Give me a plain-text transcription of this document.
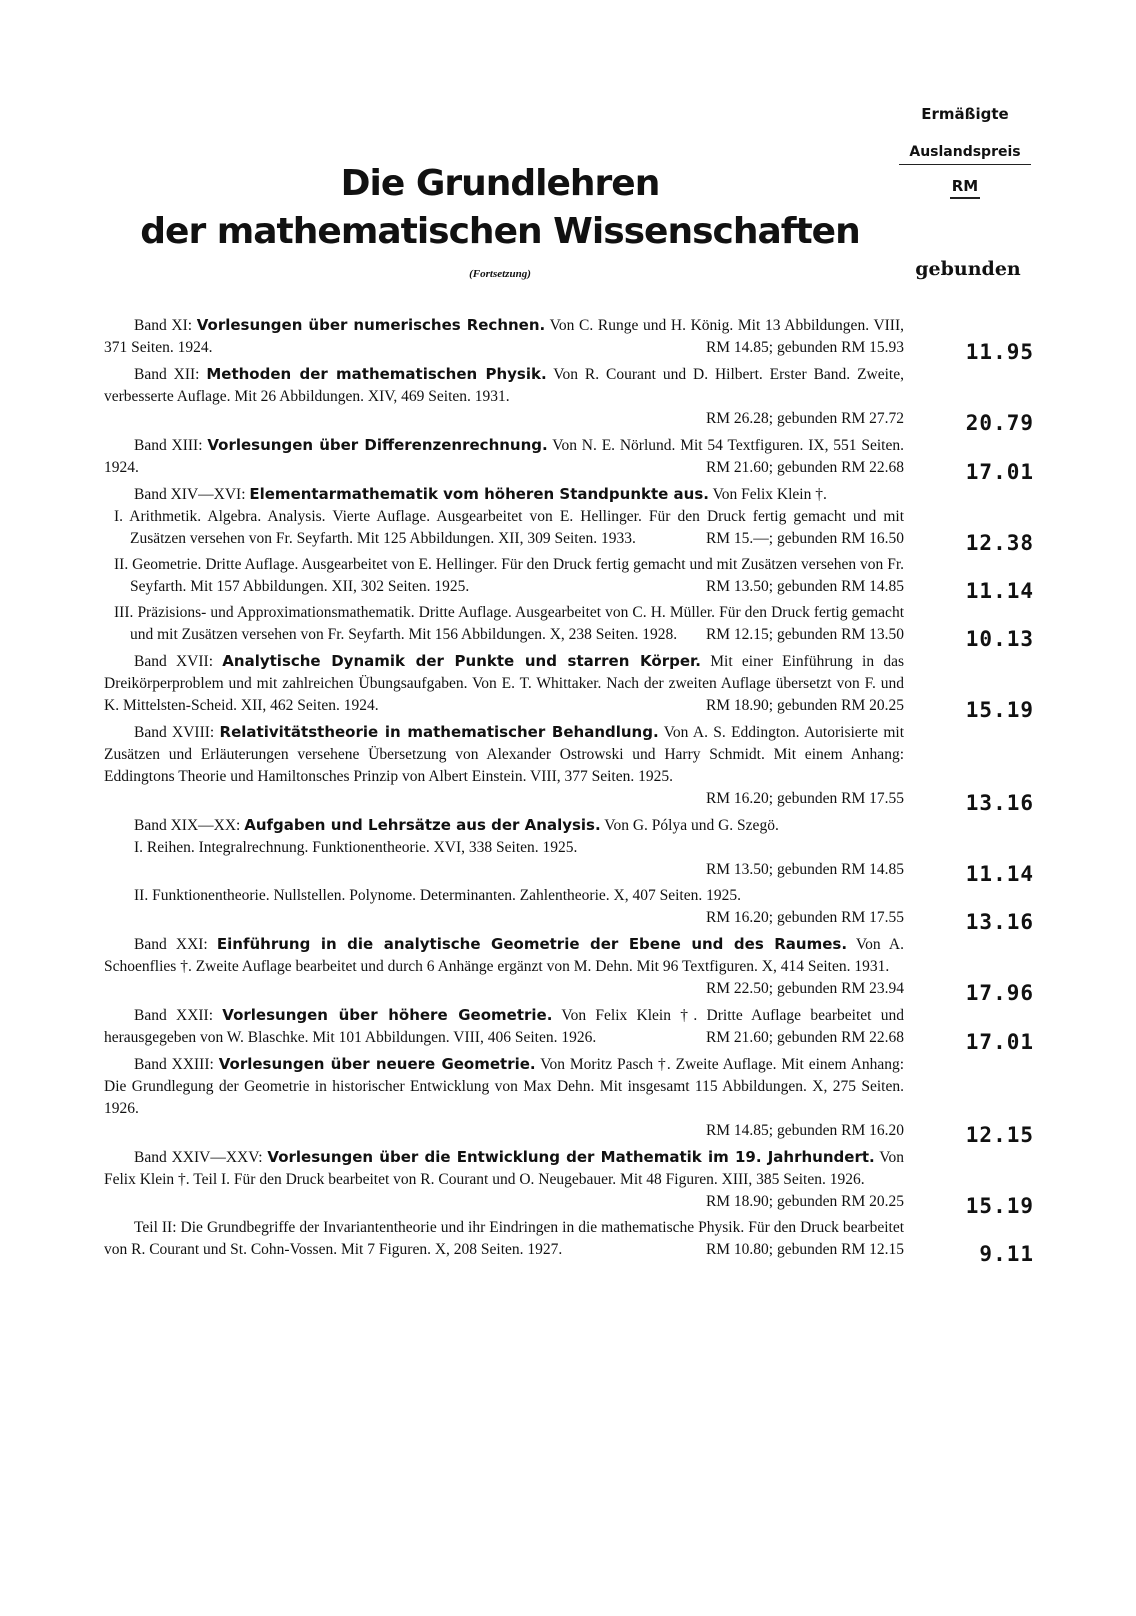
Ermäßigte
Auslandspreis
RM
gebunden
Die Grundlehren
der mathematischen Wissenschaften
(Fortsetzung)
Band XI: Vorlesungen über numerisches Rechnen. Von C. Runge und H. König. Mit 13 Abbildungen. VIII, 371 Seiten. 1924.	RM 14.85; gebunden RM 15.93	11.95
Band XII: Methoden der mathematischen Physik. Von R. Courant und D. Hilbert. Erster Band. Zweite, verbesserte Auflage. Mit 26 Abbildungen. XIV, 469 Seiten. 1931.
RM 26.28; gebunden RM 27.72	20.79
Band XIII: Vorlesungen über Differenzenrechnung. Von N. E. Nörlund. Mit 54 Textfiguren. IX, 551 Seiten. 1924.	RM 21.60; gebunden RM 22.68	17.01
Band XIV—XVI: Elementarmathematik vom höheren Standpunkte aus. Von Felix Klein †.
I. Arithmetik. Algebra. Analysis. Vierte Auflage. Ausgearbeitet von E. Hellinger. Für den Druck fertig gemacht und mit Zusätzen versehen von Fr. Seyfarth. Mit 125 Abbildungen. XII, 309 Seiten. 1933.	RM 15.—; gebunden RM 16.50	12.38
II. Geometrie. Dritte Auflage. Ausgearbeitet von E. Hellinger. Für den Druck fertig gemacht und mit Zusätzen versehen von Fr. Seyfarth. Mit 157 Abbildungen. XII, 302 Seiten. 1925.	RM 13.50; gebunden RM 14.85	11.14
III. Präzisions- und Approximationsmathematik. Dritte Auflage. Ausgearbeitet von C. H. Müller. Für den Druck fertig gemacht und mit Zusätzen versehen von Fr. Seyfarth. Mit 156 Abbildungen. X, 238 Seiten. 1928. RM 12.15; gebunden RM 13.50	10.13
Band XVII: Analytische Dynamik der Punkte und starren Körper. Mit einer Einführung in das Dreikörperproblem und mit zahlreichen Übungsaufgaben. Von E. T. Whittaker. Nach der zweiten Auflage übersetzt von F. und K. Mittelsten-Scheid. XII, 462 Seiten. 1924.	RM 18.90; gebunden RM 20.25	15.19
Band XVIII: Relativitätstheorie in mathematischer Behandlung. Von A. S. Eddington. Autorisierte mit Zusätzen und Erläuterungen versehene Übersetzung von Alexander Ostrowski und Harry Schmidt. Mit einem Anhang: Eddingtons Theorie und Hamiltonsches Prinzip von Albert Einstein. VIII, 377 Seiten. 1925.
RM 16.20; gebunden RM 17.55	13.16
Band XIX—XX: Aufgaben und Lehrsätze aus der Analysis. Von G. Pólya und G. Szegö.
I. Reihen. Integralrechnung. Funktionentheorie. XVI, 338 Seiten. 1925.
RM 13.50; gebunden RM 14.85	11.14
II. Funktionentheorie. Nullstellen. Polynome. Determinanten. Zahlentheorie. X, 407 Seiten. 1925.
RM 16.20; gebunden RM 17.55	13.16
Band XXI: Einführung in die analytische Geometrie der Ebene und des Raumes. Von A. Schoenflies †. Zweite Auflage bearbeitet und durch 6 Anhänge ergänzt von M. Dehn. Mit 96 Textfiguren. X, 414 Seiten. 1931.
RM 22.50; gebunden RM 23.94	17.96
Band XXII: Vorlesungen über höhere Geometrie. Von Felix Klein †. Dritte Auflage bearbeitet und herausgegeben von W. Blaschke. Mit 101 Abbildungen. VIII, 406 Seiten. 1926.	RM 21.60; gebunden RM 22.68	17.01
Band XXIII: Vorlesungen über neuere Geometrie. Von Moritz Pasch †. Zweite Auflage. Mit einem Anhang: Die Grundlegung der Geometrie in historischer Entwicklung von Max Dehn. Mit insgesamt 115 Abbildungen. X, 275 Seiten. 1926.
RM 14.85; gebunden RM 16.20	12.15
Band XXIV—XXV: Vorlesungen über die Entwicklung der Mathematik im 19. Jahrhundert. Von Felix Klein †. Teil I. Für den Druck bearbeitet von R. Courant und O. Neugebauer. Mit 48 Figuren. XIII, 385 Seiten. 1926.
RM 18.90; gebunden RM 20.25	15.19
Teil II: Die Grundbegriffe der Invariantentheorie und ihr Eindringen in die mathematische Physik. Für den Druck bearbeitet von R. Courant und St. Cohn-Vossen. Mit 7 Figuren. X, 208 Seiten. 1927.	RM 10.80; gebunden RM 12.15	9.11
